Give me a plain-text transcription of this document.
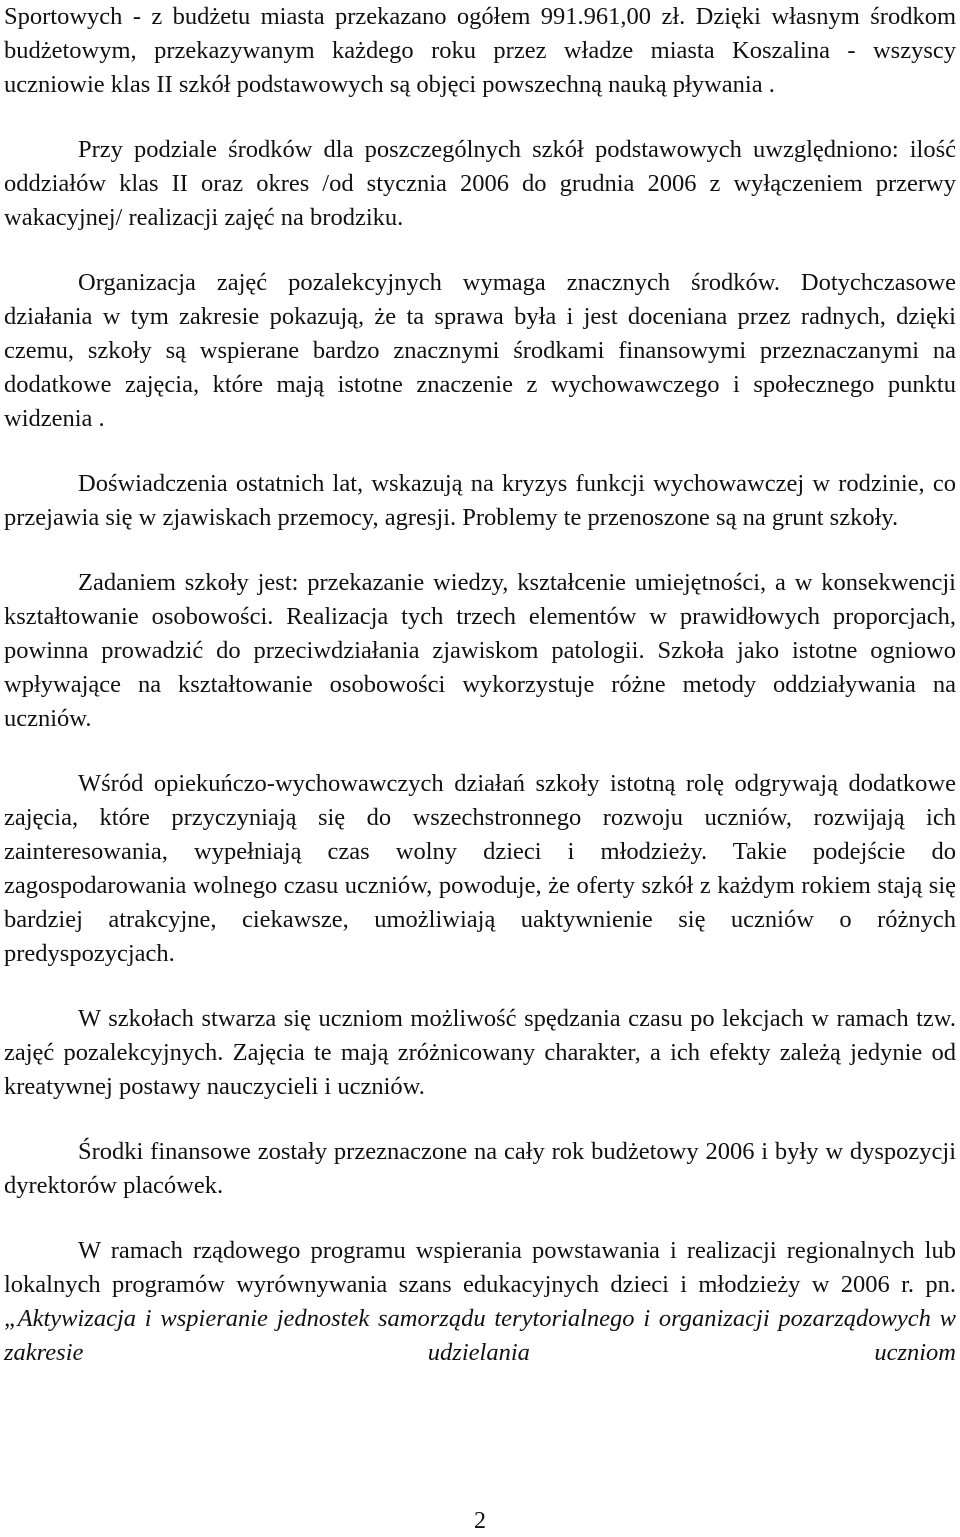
Sportowych - z budżetu miasta przekazano ogółem 991.961,00 zł. Dzięki własnym środkom budżetowym, przekazywanym każdego roku przez władze miasta Koszalina - wszyscy uczniowie klas II szkół podstawowych są objęci powszechną nauką pływania .

Przy podziale środków dla poszczególnych szkół podstawowych uwzględniono: ilość oddziałów klas II oraz okres /od stycznia 2006 do grudnia 2006 z wyłączeniem przerwy wakacyjnej/ realizacji zajęć na brodziku.

Organizacja zajęć pozalekcyjnych wymaga znacznych środków. Dotychczasowe działania w tym zakresie pokazują, że ta sprawa była i jest doceniana przez radnych, dzięki czemu, szkoły są wspierane bardzo znacznymi środkami finansowymi przeznaczanymi na dodatkowe zajęcia, które mają istotne znaczenie z wychowawczego i społecznego punktu widzenia .

Doświadczenia ostatnich lat, wskazują na kryzys funkcji wychowawczej w rodzinie, co przejawia się w zjawiskach przemocy, agresji. Problemy te przenoszone są na grunt szkoły.

Zadaniem szkoły jest: przekazanie wiedzy, kształcenie umiejętności, a w konsekwencji kształtowanie osobowości. Realizacja tych trzech elementów w prawidłowych proporcjach, powinna prowadzić do przeciwdziałania zjawiskom patologii. Szkoła jako istotne ogniowo wpływające na kształtowanie osobowości wykorzystuje różne metody oddziaływania na uczniów.

Wśród opiekuńczo-wychowawczych działań szkoły istotną rolę odgrywają dodatkowe zajęcia, które przyczyniają się do wszechstronnego rozwoju uczniów, rozwijają ich zainteresowania, wypełniają czas wolny dzieci i młodzieży. Takie podejście do zagospodarowania wolnego czasu uczniów, powoduje, że oferty szkół z każdym rokiem stają się bardziej atrakcyjne, ciekawsze, umożliwiają uaktywnienie się uczniów o różnych predyspozycjach.

W szkołach stwarza się uczniom możliwość spędzania czasu po lekcjach w ramach tzw. zajęć pozalekcyjnych. Zajęcia te mają zróżnicowany charakter, a ich efekty zależą jedynie od kreatywnej postawy nauczycieli i uczniów.

Środki finansowe zostały przeznaczone na cały rok budżetowy 2006 i były w dyspozycji dyrektorów placówek.

W ramach rządowego programu wspierania powstawania i realizacji regionalnych lub lokalnych programów wyrównywania szans edukacyjnych dzieci i młodzieży w 2006 r. pn. „Aktywizacja i wspieranie jednostek samorządu terytorialnego i organizacji pozarządowych w zakresie udzielania uczniom

2
